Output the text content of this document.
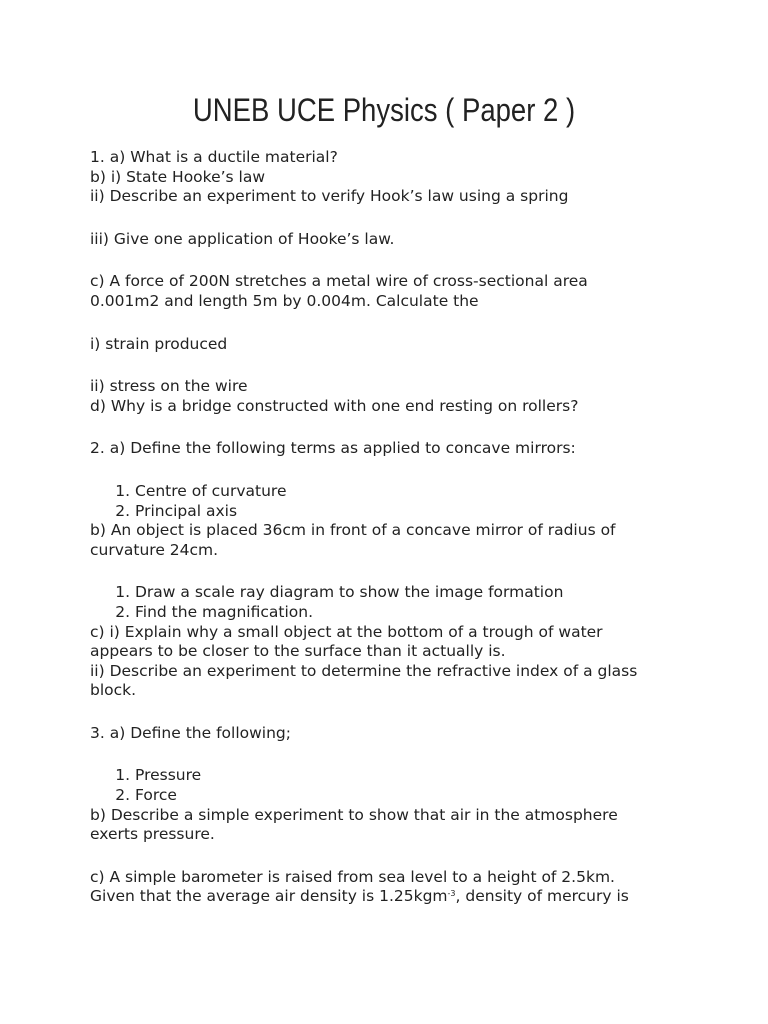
UNEB UCE Physics ( Paper 2 )
1. a) What is a ductile material?
b) i) State Hooke’s law
ii) Describe an experiment to verify Hook’s law using a spring
iii) Give one application of Hooke’s law.
c) A force of 200N stretches a metal wire of cross-sectional area
0.001m2 and length 5m by 0.004m. Calculate the
i) strain produced
ii) stress on the wire
d) Why is a bridge constructed with one end resting on rollers?
2. a) Define the following terms as applied to concave mirrors:
1. Centre of curvature
2. Principal axis
b) An object is placed 36cm in front of a concave mirror of radius of
curvature 24cm.
1. Draw a scale ray diagram to show the image formation
2. Find the magnification.
c) i) Explain why a small object at the bottom of a trough of water
appears to be closer to the surface than it actually is.
ii) Describe an experiment to determine the refractive index of a glass
block.
3. a) Define the following;
1. Pressure
2. Force
b) Describe a simple experiment to show that air in the atmosphere
exerts pressure.
c) A simple barometer is raised from sea level to a height of 2.5km.
Given that the average air density is 1.25kgm$^{-3}$, density of mercury is
